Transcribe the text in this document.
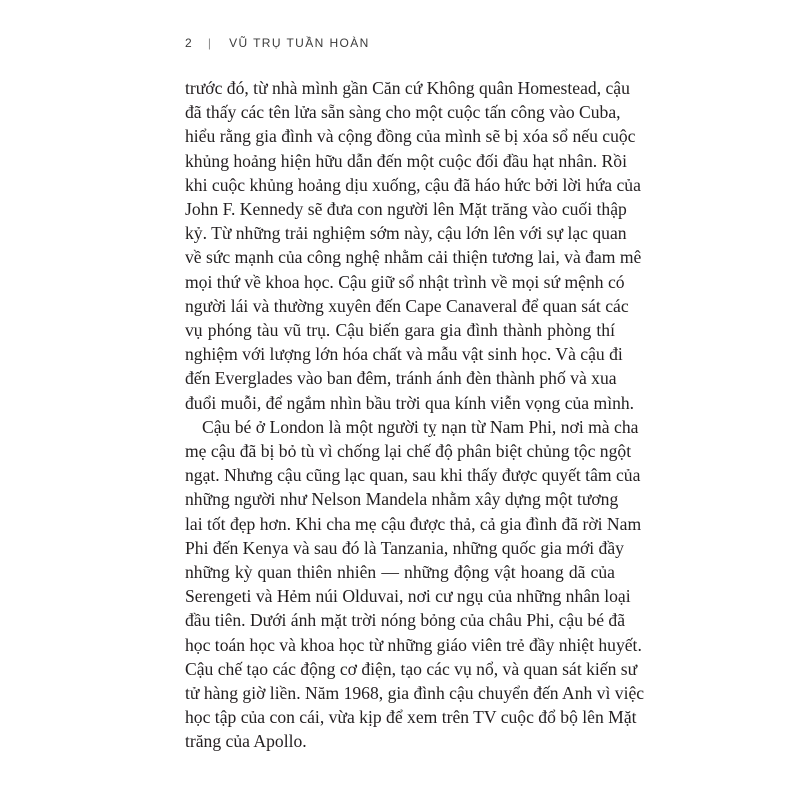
2 | VŨ TRỤ TUẦN HOÀN

trước đó, từ nhà mình gần Căn cứ Không quân Homestead, cậu
đã thấy các tên lửa sẵn sàng cho một cuộc tấn công vào Cuba,
hiểu rằng gia đình và cộng đồng của mình sẽ bị xóa sổ nếu cuộc
khủng hoảng hiện hữu dẫn đến một cuộc đối đầu hạt nhân. Rồi
khi cuộc khủng hoảng dịu xuống, cậu đã háo hức bởi lời hứa của
John F. Kennedy sẽ đưa con người lên Mặt trăng vào cuối thập
kỷ. Từ những trải nghiệm sớm này, cậu lớn lên với sự lạc quan
về sức mạnh của công nghệ nhằm cải thiện tương lai, và đam mê
mọi thứ về khoa học. Cậu giữ sổ nhật trình về mọi sứ mệnh có
người lái và thường xuyên đến Cape Canaveral để quan sát các
vụ phóng tàu vũ trụ. Cậu biến gara gia đình thành phòng thí
nghiệm với lượng lớn hóa chất và mẫu vật sinh học. Và cậu đi
đến Everglades vào ban đêm, tránh ánh đèn thành phố và xua
đuổi muỗi, để ngắm nhìn bầu trời qua kính viễn vọng của mình.

Cậu bé ở London là một người tỵ nạn từ Nam Phi, nơi mà cha
mẹ cậu đã bị bỏ tù vì chống lại chế độ phân biệt chủng tộc ngột
ngạt. Nhưng cậu cũng lạc quan, sau khi thấy được quyết tâm của
những người như Nelson Mandela nhằm xây dựng một tương
lai tốt đẹp hơn. Khi cha mẹ cậu được thả, cả gia đình đã rời Nam
Phi đến Kenya và sau đó là Tanzania, những quốc gia mới đầy
những kỳ quan thiên nhiên — những động vật hoang dã của
Serengeti và Hẻm núi Olduvai, nơi cư ngụ của những nhân loại
đầu tiên. Dưới ánh mặt trời nóng bỏng của châu Phi, cậu bé đã
học toán học và khoa học từ những giáo viên trẻ đầy nhiệt huyết.
Cậu chế tạo các động cơ điện, tạo các vụ nổ, và quan sát kiến sư
tử hàng giờ liền. Năm 1968, gia đình cậu chuyển đến Anh vì việc
học tập của con cái, vừa kịp để xem trên TV cuộc đổ bộ lên Mặt
trăng của Apollo.
